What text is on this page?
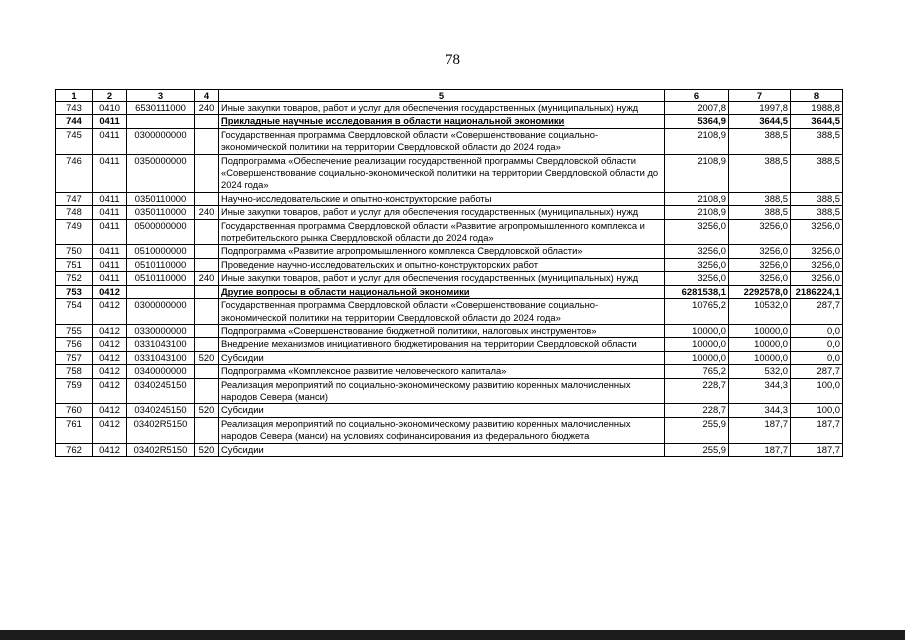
78
1	2	3	4	5	6	7	8
743	0410	6530111000	240	Иные закупки товаров, работ и услуг для обеспечения государственных (муниципальных) нужд	2007,8	1997,8	1988,8
744	0411			Прикладные научные исследования в области национальной экономики	5364,9	3644,5	3644,5
745	0411	0300000000		Государственная программа Свердловской области «Совершенствование социально-экономической политики на территории Свердловской области до 2024 года»	2108,9	388,5	388,5
746	0411	0350000000		Подпрограмма «Обеспечение реализации государственной программы Свердловской области «Совершенствование социально-экономической политики на территории Свердловской области до 2024 года»	2108,9	388,5	388,5
747	0411	0350110000		Научно-исследовательские и опытно-конструкторские работы	2108,9	388,5	388,5
748	0411	0350110000	240	Иные закупки товаров, работ и услуг для обеспечения государственных (муниципальных) нужд	2108,9	388,5	388,5
749	0411	0500000000		Государственная программа Свердловской области «Развитие агропромышленного комплекса и потребительского рынка Свердловской области до 2024 года»	3256,0	3256,0	3256,0
750	0411	0510000000		Подпрограмма «Развитие агропромышленного комплекса Свердловской области»	3256,0	3256,0	3256,0
751	0411	0510110000		Проведение научно-исследовательских и опытно-конструкторских работ	3256,0	3256,0	3256,0
752	0411	0510110000	240	Иные закупки товаров, работ и услуг для обеспечения государственных (муниципальных) нужд	3256,0	3256,0	3256,0
753	0412			Другие вопросы в области национальной экономики	6281538,1	2292578,0	2186224,1
754	0412	0300000000		Государственная программа Свердловской области «Совершенствование социально-экономической политики на территории Свердловской области до 2024 года»	10765,2	10532,0	287,7
755	0412	0330000000		Подпрограмма «Совершенствование бюджетной политики, налоговых инструментов»	10000,0	10000,0	0,0
756	0412	0331043100		Внедрение механизмов инициативного бюджетирования на территории Свердловской области	10000,0	10000,0	0,0
757	0412	0331043100	520	Субсидии	10000,0	10000,0	0,0
758	0412	0340000000		Подпрограмма «Комплексное развитие человеческого капитала»	765,2	532,0	287,7
759	0412	0340245150		Реализация мероприятий по социально-экономическому развитию коренных малочисленных народов Севера (манси)	228,7	344,3	100,0
760	0412	0340245150	520	Субсидии	228,7	344,3	100,0
761	0412	03402R5150		Реализация мероприятий по социально-экономическому развитию коренных малочисленных народов Севера (манси) на условиях софинансирования из федерального бюджета	255,9	187,7	187,7
762	0412	03402R5150	520	Субсидии	255,9	187,7	187,7
